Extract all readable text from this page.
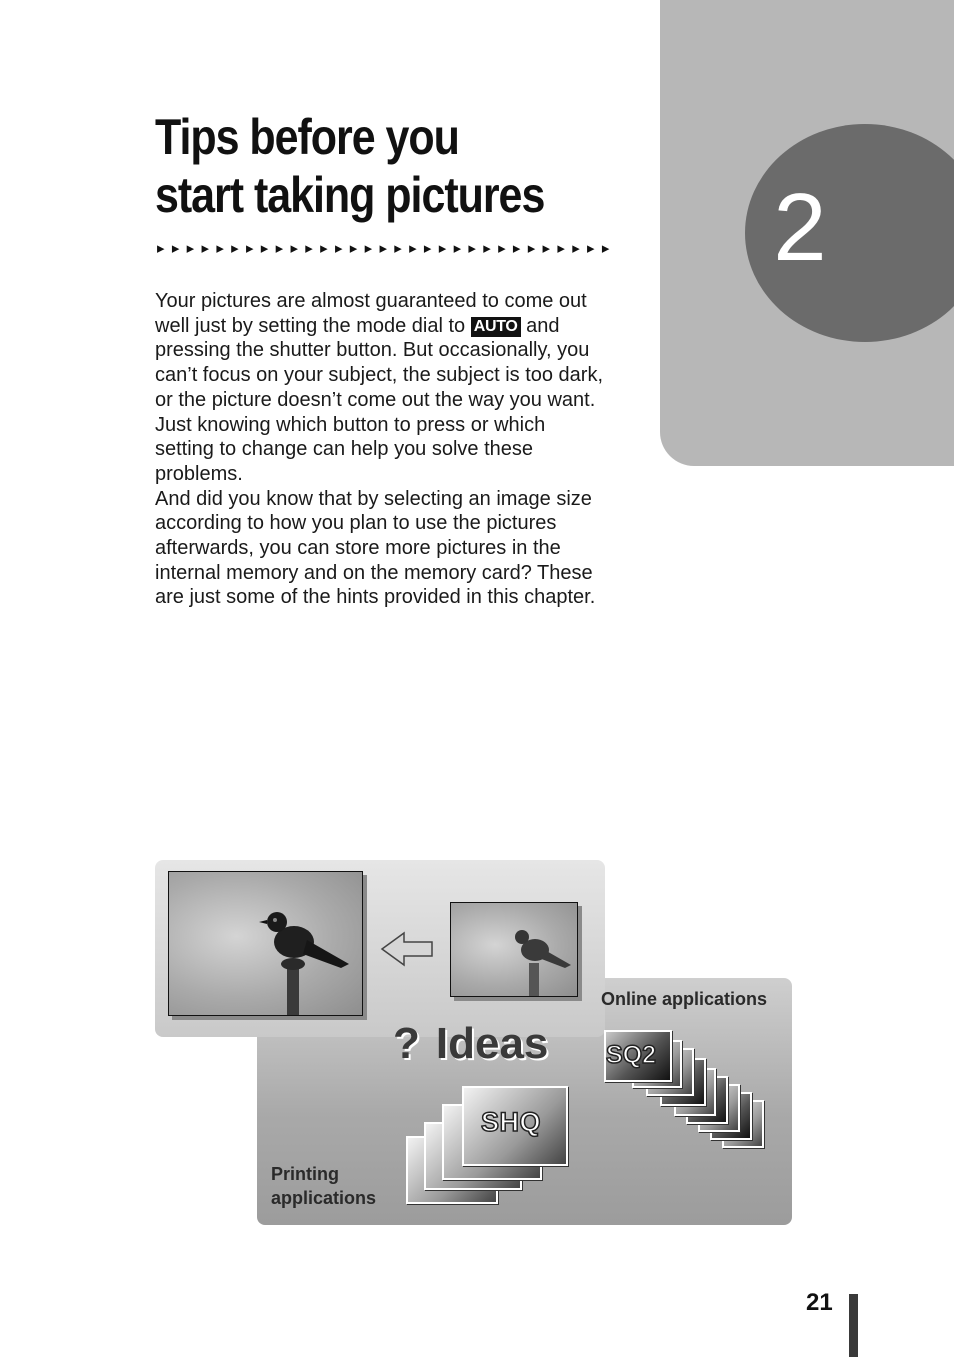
2
Tips before you
start taking pictures
▸▸▸▸▸▸▸▸▸▸▸▸▸▸▸▸▸▸▸▸▸▸▸▸▸▸▸▸▸▸▸

Your pictures are almost guaranteed to come out well just by setting the mode dial to AUTO and pressing the shutter button. But occasionally, you can’t focus on your subject, the subject is too dark, or the picture doesn’t come out the way you want.

Just knowing which button to press or which setting to change can help you solve these problems.

And did you know that by selecting an image size according to how you plan to use the pictures afterwards, you can store more pictures in the internal memory and on the memory card? These are just some of the hints provided in this chapter.

? Ideas
Online applications
SQ2
SHQ
Printing
applications
21
